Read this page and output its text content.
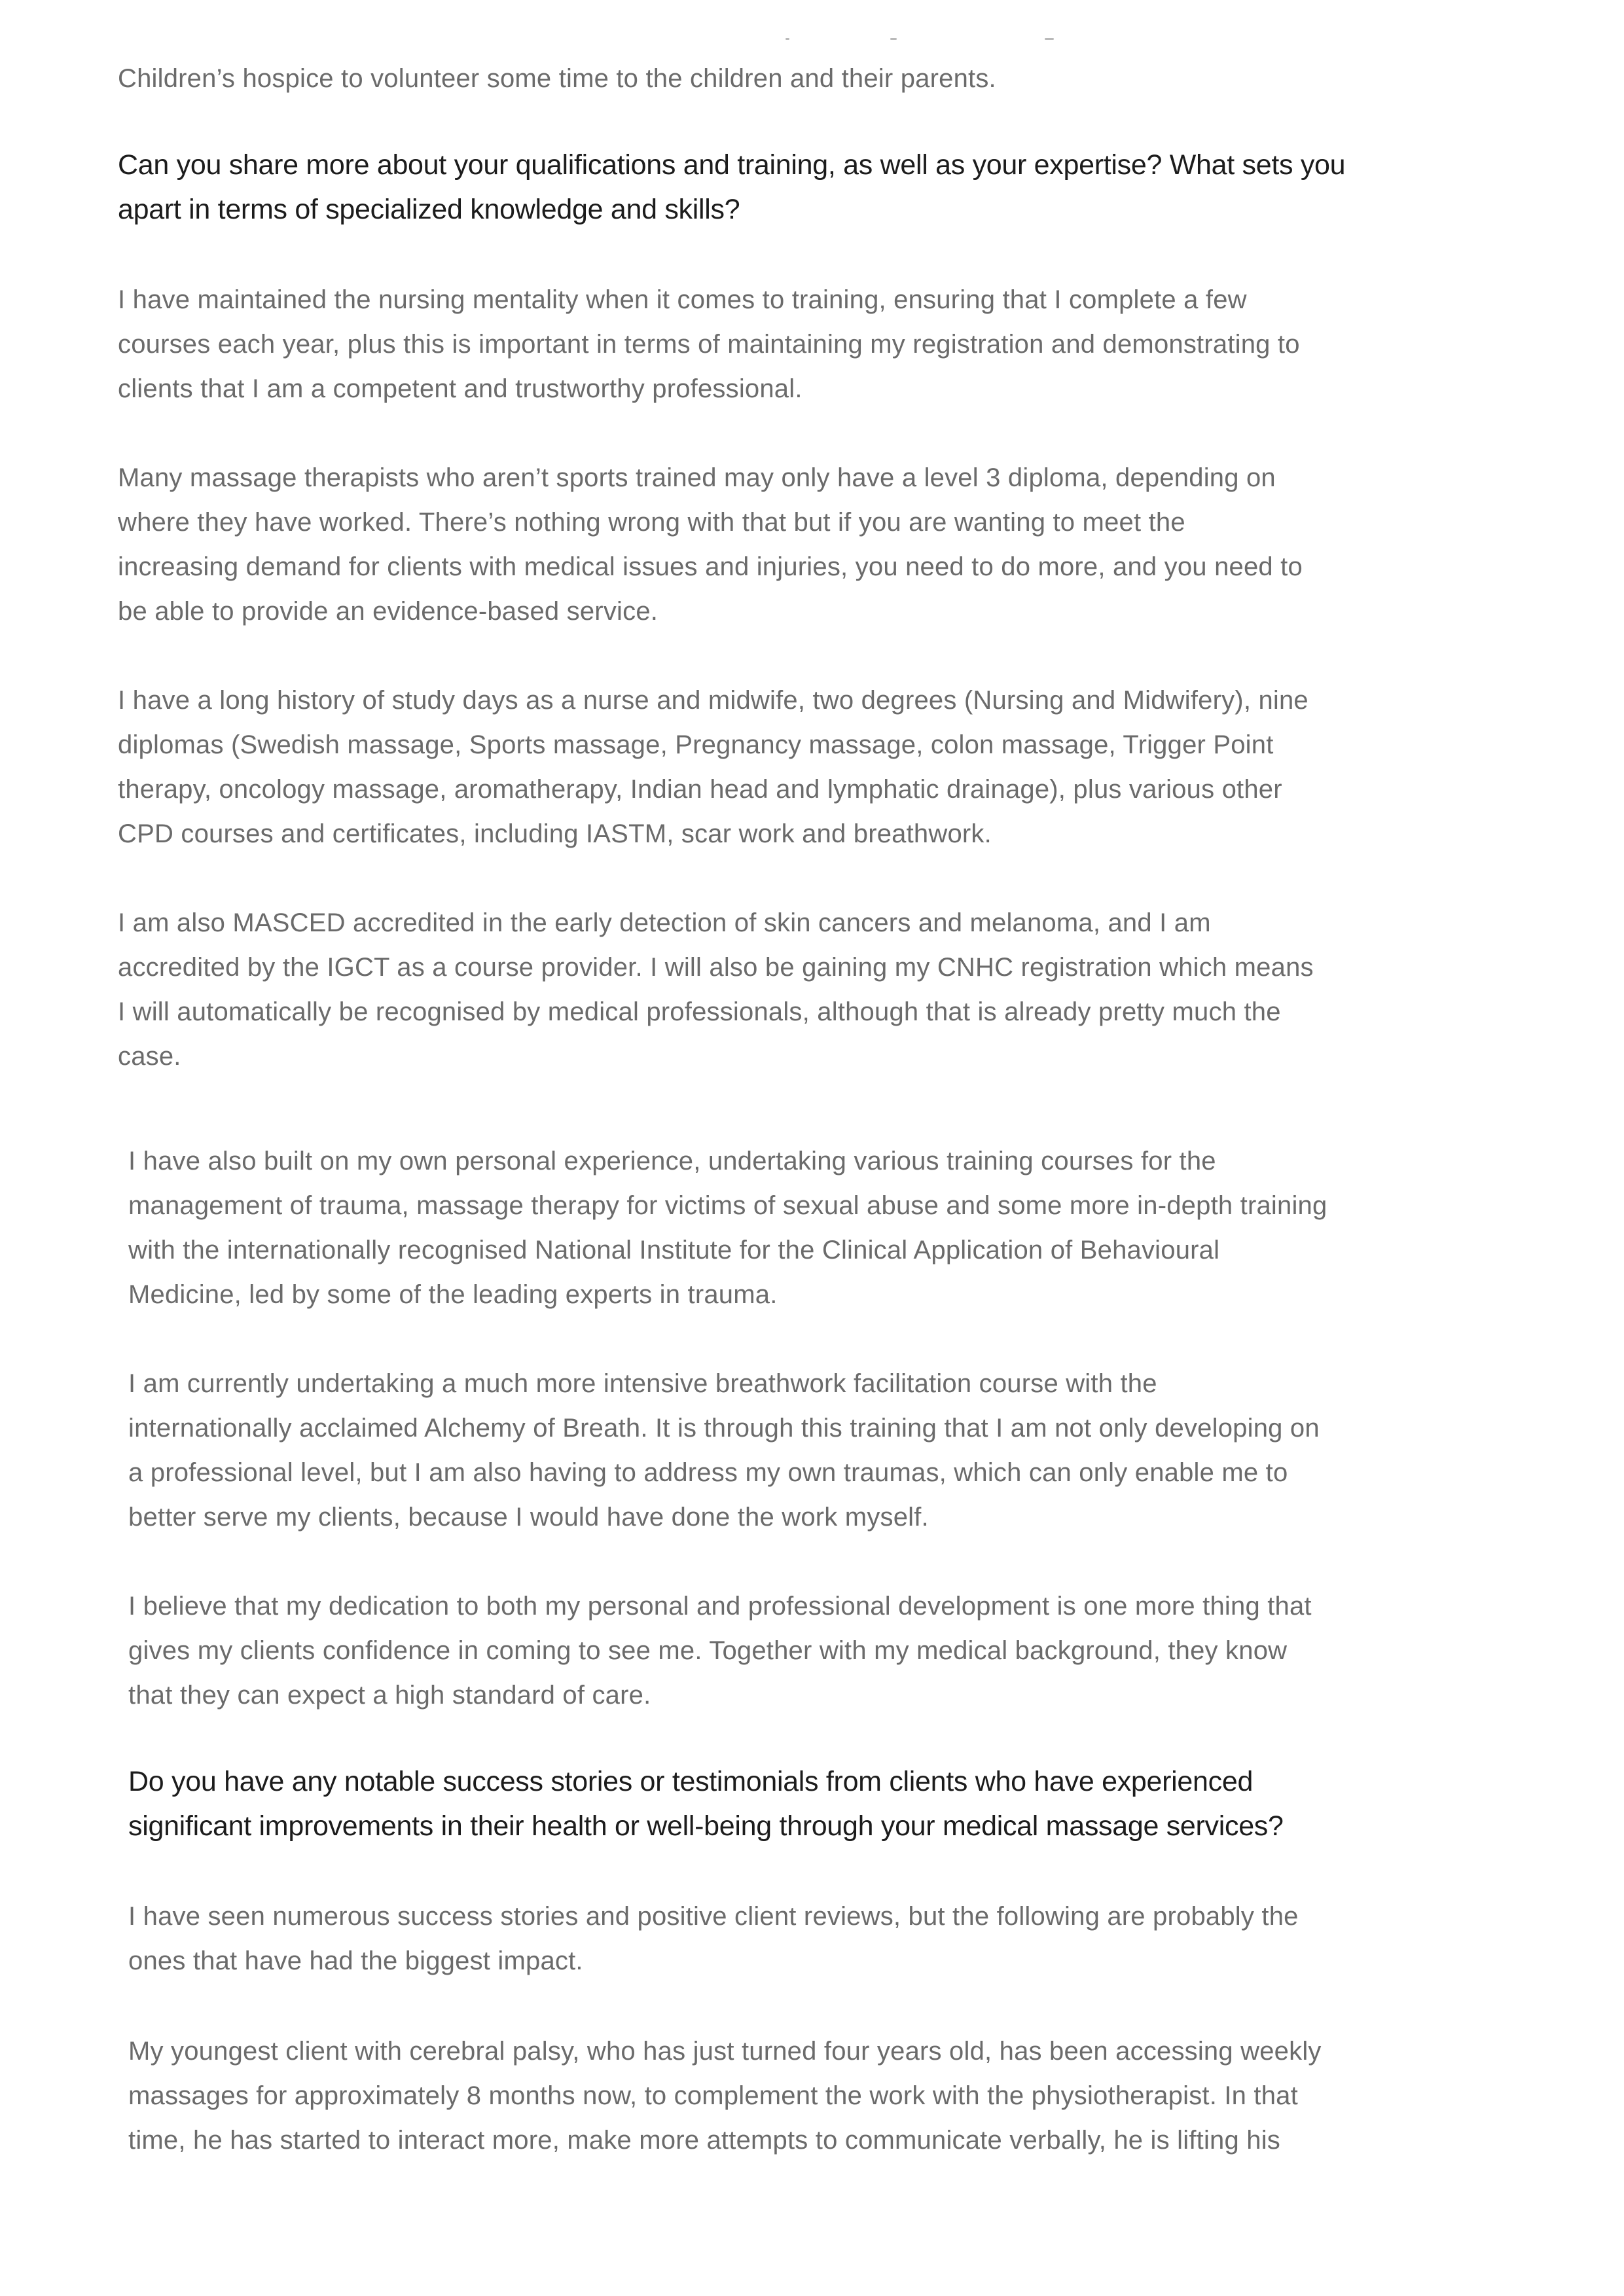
Children’s hospice to volunteer some time to the children and their parents.

Can you share more about your qualifications and training, as well as your expertise? What sets you
apart in terms of specialized knowledge and skills?

I have maintained the nursing mentality when it comes to training, ensuring that I complete a few
courses each year, plus this is important in terms of maintaining my registration and demonstrating to
clients that I am a competent and trustworthy professional.

Many massage therapists who aren’t sports trained may only have a level 3 diploma, depending on
where they have worked. There’s nothing wrong with that but if you are wanting to meet the
increasing demand for clients with medical issues and injuries, you need to do more, and you need to
be able to provide an evidence-based service.

I have a long history of study days as a nurse and midwife, two degrees (Nursing and Midwifery), nine
diplomas (Swedish massage, Sports massage, Pregnancy massage, colon massage, Trigger Point
therapy, oncology massage, aromatherapy, Indian head and lymphatic drainage), plus various other
CPD courses and certificates, including IASTM, scar work and breathwork.

I am also MASCED accredited in the early detection of skin cancers and melanoma, and I am
accredited by the IGCT as a course provider. I will also be gaining my CNHC registration which means
I will automatically be recognised by medical professionals, although that is already pretty much the
case.

I have also built on my own personal experience, undertaking various training courses for the
management of trauma, massage therapy for victims of sexual abuse and some more in-depth training
with the internationally recognised National Institute for the Clinical Application of Behavioural
Medicine, led by some of the leading experts in trauma.

I am currently undertaking a much more intensive breathwork facilitation course with the
internationally acclaimed Alchemy of Breath. It is through this training that I am not only developing on
a professional level, but I am also having to address my own traumas, which can only enable me to
better serve my clients, because I would have done the work myself.

I believe that my dedication to both my personal and professional development is one more thing that
gives my clients confidence in coming to see me. Together with my medical background, they know
that they can expect a high standard of care.

Do you have any notable success stories or testimonials from clients who have experienced
significant improvements in their health or well-being through your medical massage services?

I have seen numerous success stories and positive client reviews, but the following are probably the
ones that have had the biggest impact.

My youngest client with cerebral palsy, who has just turned four years old, has been accessing weekly
massages for approximately 8 months now, to complement the work with the physiotherapist. In that
time, he has started to interact more, make more attempts to communicate verbally, he is lifting his
